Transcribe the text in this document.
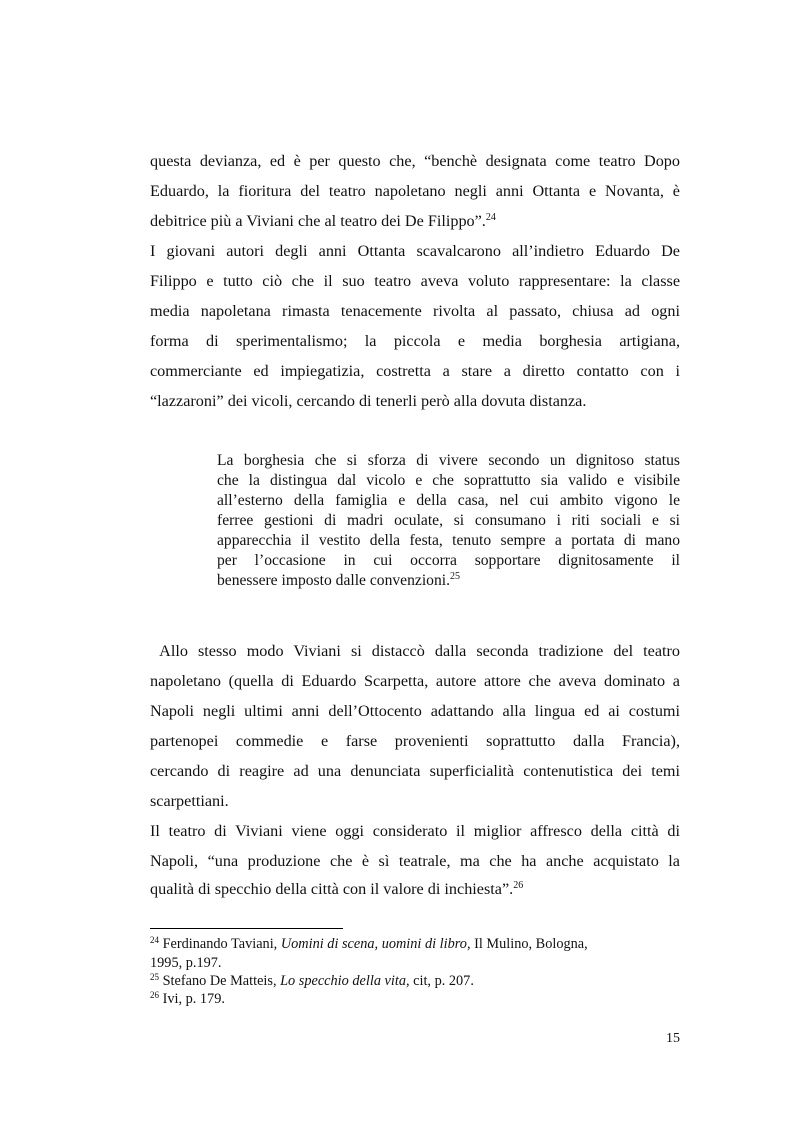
questa devianza, ed è per questo che, “benchè designata come teatro Dopo
Eduardo, la fioritura del teatro napoletano negli anni Ottanta e Novanta, è
debitrice più a Viviani che al teatro dei De Filippo”.$^{24}$
I giovani autori degli anni Ottanta scavalcarono all’indietro Eduardo De
Filippo e tutto ciò che il suo teatro aveva voluto rappresentare: la classe
media napoletana rimasta tenacemente rivolta al passato, chiusa ad ogni
forma di sperimentalismo; la piccola e media borghesia artigiana,
commerciante ed impiegatizia, costretta a stare a diretto contatto con i
“lazzaroni” dei vicoli, cercando di tenerli però alla dovuta distanza.
La borghesia che si sforza di vivere secondo un dignitoso status
che la distingua dal vicolo e che soprattutto sia valido e visibile
all’esterno della famiglia e della casa, nel cui ambito vigono le
ferree gestioni di madri oculate, si consumano i riti sociali e si
apparecchia il vestito della festa, tenuto sempre a portata di mano
per l’occasione in cui occorra sopportare dignitosamente il
benessere imposto dalle convenzioni.$^{25}$
Allo stesso modo Viviani si distaccò dalla seconda tradizione del teatro
napoletano (quella di Eduardo Scarpetta, autore attore che aveva dominato a
Napoli negli ultimi anni dell’Ottocento adattando alla lingua ed ai costumi
partenopei commedie e farse provenienti soprattutto dalla Francia),
cercando di reagire ad una denunciata superficialità contenutistica dei temi
scarpettiani.
Il teatro di Viviani viene oggi considerato il miglior affresco della città di
Napoli, “una produzione che è sì teatrale, ma che ha anche acquistato la
qualità di specchio della città con il valore di inchiesta”.$^{26}$
$^{24}$ Ferdinando Taviani, Uomini di scena, uomini di libro, Il Mulino, Bologna,
1995, p.197.
$^{25}$ Stefano De Matteis, Lo specchio della vita, cit, p. 207.
$^{26}$ Ivi, p. 179.
15
